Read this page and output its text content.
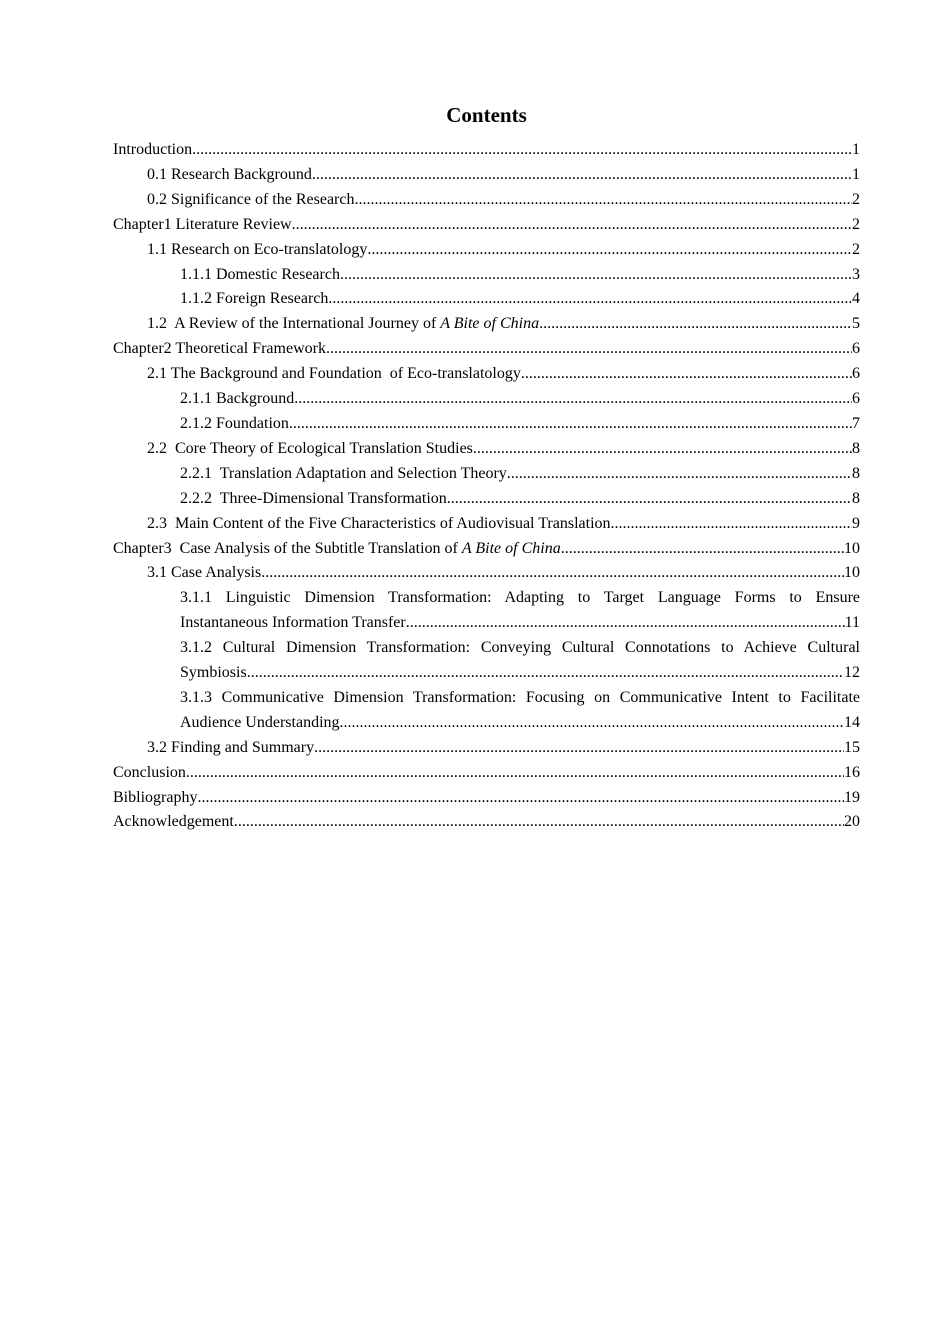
Contents
Introduction .....	1
0.1 Research Background .....	1
0.2 Significance of the Research .....	2
Chapter1 Literature Review .....	2
1.1 Research on Eco-translatology .....	2
1.1.1 Domestic Research .....	3
1.1.2 Foreign Research .....	4
1.2  A Review of the International Journey of A Bite of China .....	5
Chapter2 Theoretical Framework .....	6
2.1 The Background and Foundation  of Eco-translatology .....	6
2.1.1 Background .....	6
2.1.2 Foundation .....	7
2.2  Core Theory of Ecological Translation Studies .....	8
2.2.1  Translation Adaptation and Selection Theory .....	8
2.2.2  Three-Dimensional Transformation .....	8
2.3  Main Content of the Five Characteristics of Audiovisual Translation .....	9
Chapter3  Case Analysis of the Subtitle Translation of A Bite of China .....	10
3.1 Case Analysis .....	10
3.1.1 Linguistic Dimension Transformation: Adapting to Target Language Forms to Ensure
Instantaneous Information Transfer .....	11
3.1.2 Cultural Dimension Transformation: Conveying Cultural Connotations to Achieve Cultural
Symbiosis .....	12
3.1.3 Communicative Dimension Transformation: Focusing on Communicative Intent to Facilitate
Audience Understanding .....	14
3.2 Finding and Summary .....	15
Conclusion .....	16
Bibliography .....	19
Acknowledgement .....	20
